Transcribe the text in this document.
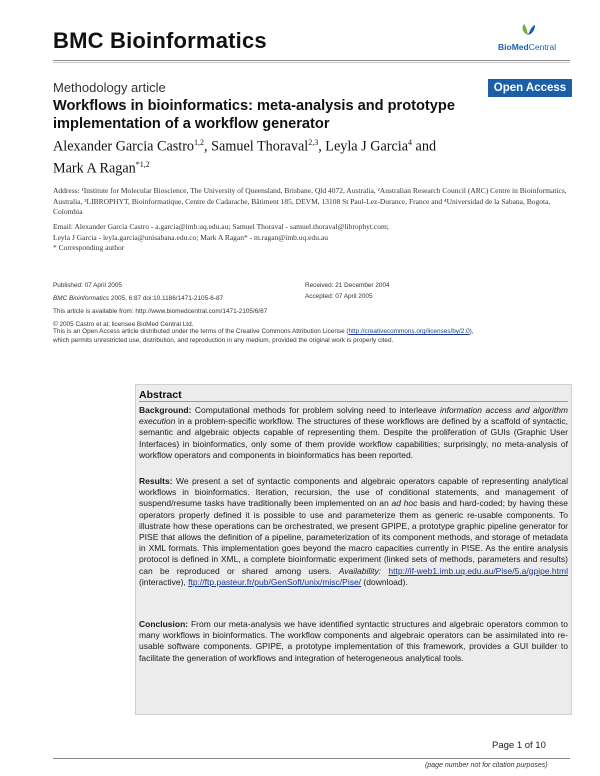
BMC Bioinformatics	BioMedCentral
Methodology article	Open Access
Workflows in bioinformatics: meta-analysis and prototype
implementation of a workflow generator
Alexander Garcia Castro$^{1,2}$, Samuel Thoraval$^{2,3}$, Leyla J Garcia$^4$ and
Mark A Ragan$^{*1,2}$
Address: ¹Institute for Molecular Bioscience, The University of Queensland, Brisbane, Qld 4072, Australia, ²Australian Research Council (ARC) Centre in Bioinformatics, Australia, ³LIBROPHYT, Bioinformatique, Centre de Cadarache, Bâtiment 185, DEVM, 13108 St Paul-Lez-Durance, France and ⁴Universidad de la Sabana, Bogota, Colombia
Email: Alexander Garcia Castro - a.garcia@imb.uq.edu.au; Samuel Thoraval - samuel.thoraval@librophyt.com;
Leyla J Garcia - leyla.garcia@unisabana.edu.co; Mark A Ragan* - m.ragan@imb.uq.edu.au
* Corresponding author
Published: 07 April 2005	Received: 21 December 2004
Accepted: 07 April 2005
BMC Bioinformatics 2005, 6:87 doi:10.1186/1471-2105-6-87
This article is available from: http://www.biomedcentral.com/1471-2105/6/87
© 2005 Castro et al; licensee BioMed Central Ltd.
This is an Open Access article distributed under the terms of the Creative Commons Attribution License (http://creativecommons.org/licenses/by/2.0),
which permits unrestricted use, distribution, and reproduction in any medium, provided the original work is properly cited.
Abstract
Background: Computational methods for problem solving need to interleave information access and algorithm execution in a problem-specific workflow. The structures of these workflows are defined by a scaffold of syntactic, semantic and algebraic objects capable of representing them. Despite the proliferation of GUIs (Graphic User Interfaces) in bioinformatics, only some of them provide workflow capabilities; surprisingly, no meta-analysis of workflow operators and components in bioinformatics has been reported.
Results: We present a set of syntactic components and algebraic operators capable of representing analytical workflows in bioinformatics. Iteration, recursion, the use of conditional statements, and management of suspend/resume tasks have traditionally been implemented on an ad hoc basis and hard-coded; by having these operators properly defined it is possible to use and parameterize them as generic re-usable components. To illustrate how these operations can be orchestrated, we present GPIPE, a prototype graphic pipeline generator for PISE that allows the definition of a pipeline, parameterization of its component methods, and storage of metadata in XML formats. This implementation goes beyond the macro capacities currently in PISE. As the entire analysis protocol is defined in XML, a complete bioinformatic experiment (linked sets of methods, parameters and results) can be reproduced or shared among users. Availability: http://if-web1.imb.uq.edu.au/Pise/5.a/gpipe.html (interactive), ftp://ftp.pasteur.fr/pub/GenSoft/unix/misc/Pise/ (download).
Conclusion: From our meta-analysis we have identified syntactic structures and algebraic operators common to many workflows in bioinformatics. The workflow components and algebraic operators can be assimilated into re-usable software components. GPIPE, a prototype implementation of this framework, provides a GUI builder to facilitate the generation of workflows and integration of heterogeneous analytical tools.
Page 1 of 10
(page number not for citation purposes)
